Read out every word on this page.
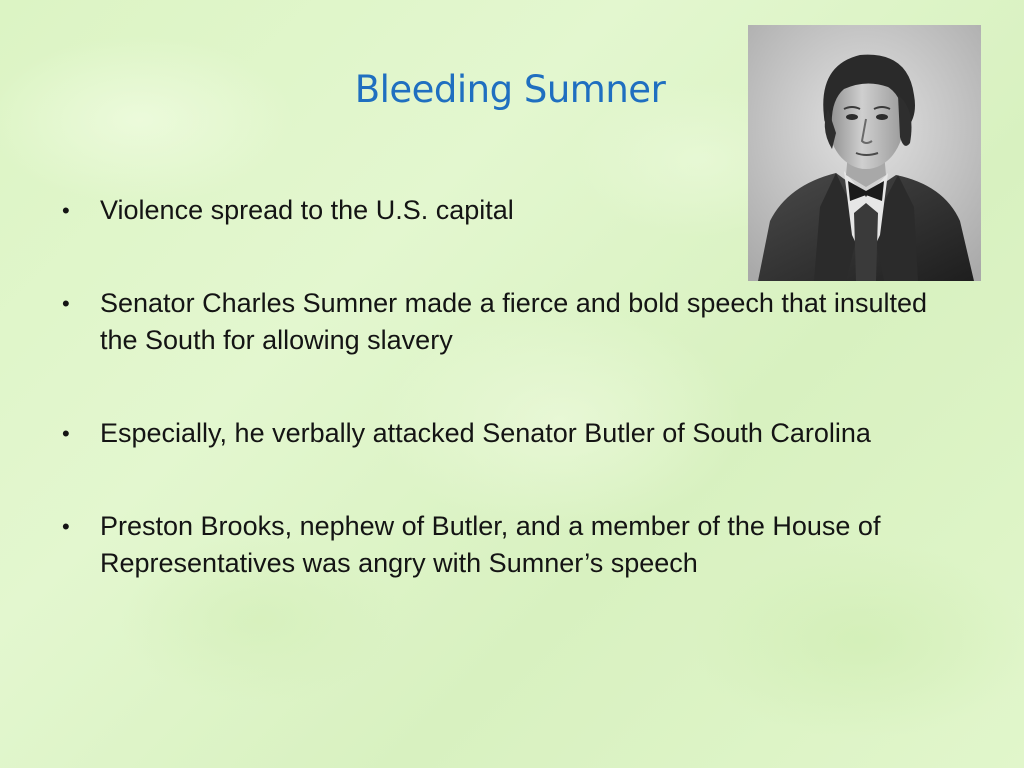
Bleeding Sumner
• Violence spread to the U.S. capital
• Senator Charles Sumner made a fierce and bold speech that insulted the South for allowing slavery
• Especially, he verbally attacked Senator Butler of South Carolina
• Preston Brooks, nephew of Butler, and a member of the House of Representatives was angry with Sumner’s speech
